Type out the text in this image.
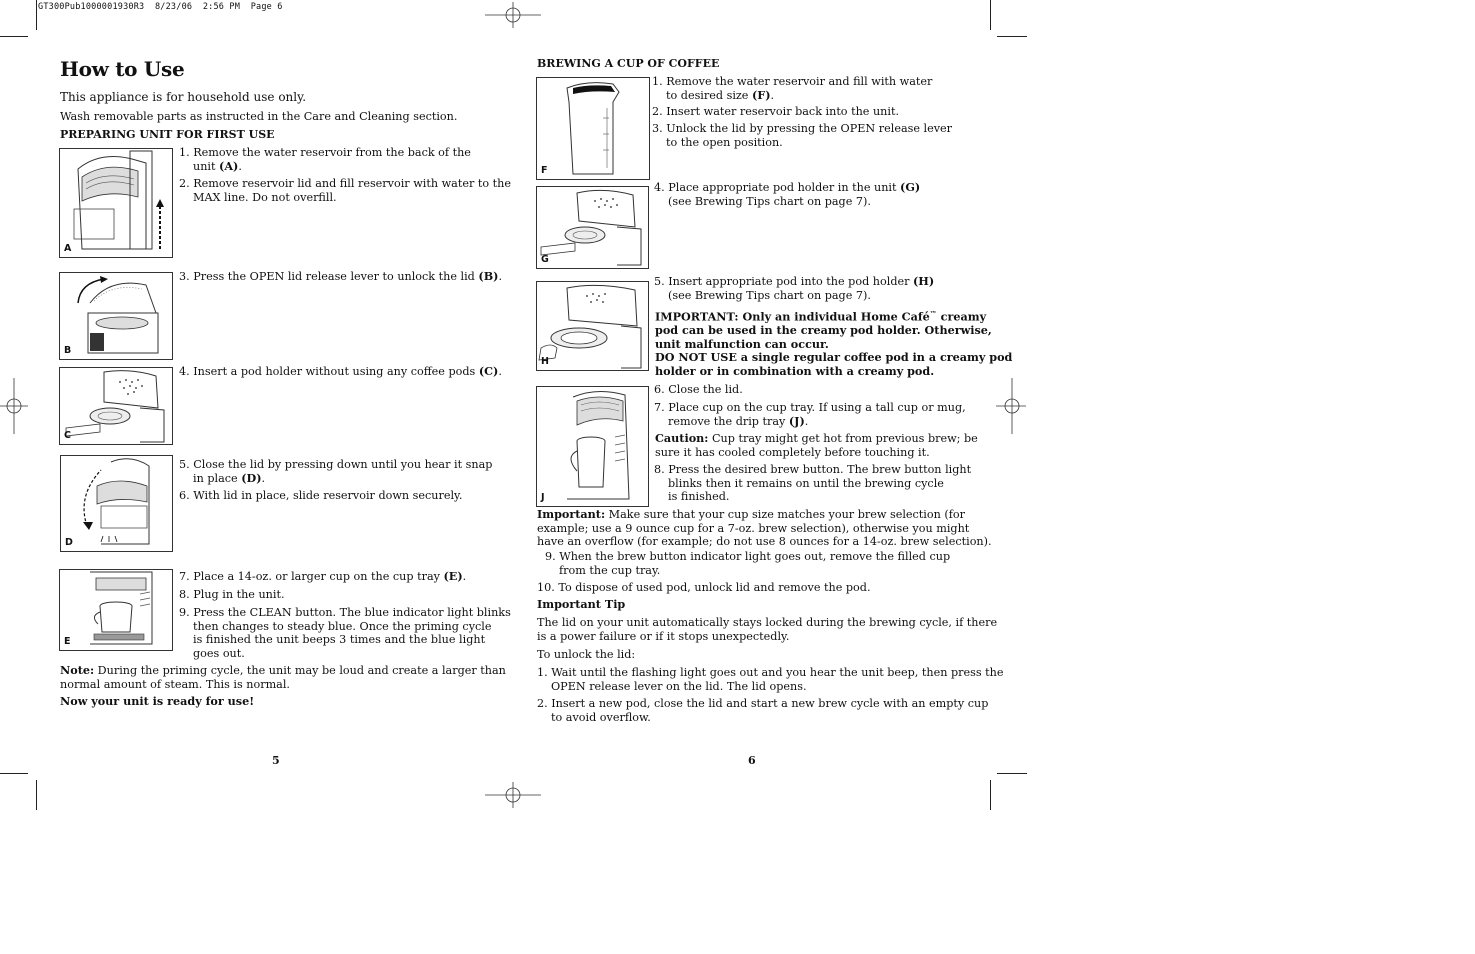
GT300Pub1000001930R3  8/23/06  2:56 PM  Page 6
How to Use
This appliance is for household use only.
Wash removable parts as instructed in the Care and Cleaning section.
PREPARING UNIT FOR FIRST USE
A
1. Remove the water reservoir from the back of the
unit (A).
2. Remove reservoir lid and fill reservoir with water to the
MAX line. Do not overfill.
B
3. Press the OPEN lid release lever to unlock the lid (B).
C
4. Insert a pod holder without using any coffee pods (C).
D
5. Close the lid by pressing down until you hear it snap
in place (D).
6. With lid in place, slide reservoir down securely.
E
7. Place a 14-oz. or larger cup on the cup tray (E).
8. Plug in the unit.
9. Press the CLEAN button. The blue indicator light blinks
then changes to steady blue. Once the priming cycle
is finished the unit beeps 3 times and the blue light
goes out.
Note: During the priming cycle, the unit may be loud and create a larger than
normal amount of steam. This is normal.
Now your unit is ready for use!
5
BREWING A CUP OF COFFEE
F
1. Remove the water reservoir and fill with water
to desired size (F).
2. Insert water reservoir back into the unit.
3. Unlock the lid by pressing the OPEN release lever
to the open position.
G
4. Place appropriate pod holder in the unit (G)
(see Brewing Tips chart on page 7).
H
5. Insert appropriate pod into the pod holder (H)
(see Brewing Tips chart on page 7).
IMPORTANT: Only an individual Home Café™ creamy
pod can be used in the creamy pod holder. Otherwise,
unit malfunction can occur.
DO NOT USE a single regular coffee pod in a creamy pod
holder or in combination with a creamy pod.
J
6. Close the lid.
7. Place cup on the cup tray. If using a tall cup or mug,
remove the drip tray (J).
Caution: Cup tray might get hot from previous brew; be
sure it has cooled completely before touching it.
8. Press the desired brew button. The brew button light
blinks then it remains on until the brewing cycle
is finished.
Important: Make sure that your cup size matches your brew selection (for
example; use a 9 ounce cup for a 7-oz. brew selection), otherwise you might
have an overflow (for example; do not use 8 ounces for a 14-oz. brew selection).
9. When the brew button indicator light goes out, remove the filled cup
from the cup tray.
10. To dispose of used pod, unlock lid and remove the pod.
Important Tip
The lid on your unit automatically stays locked during the brewing cycle, if there
is a power failure or if it stops unexpectedly.
To unlock the lid:
1. Wait until the flashing light goes out and you hear the unit beep, then press the
OPEN release lever on the lid. The lid opens.
2. Insert a new pod, close the lid and start a new brew cycle with an empty cup
to avoid overflow.
6
